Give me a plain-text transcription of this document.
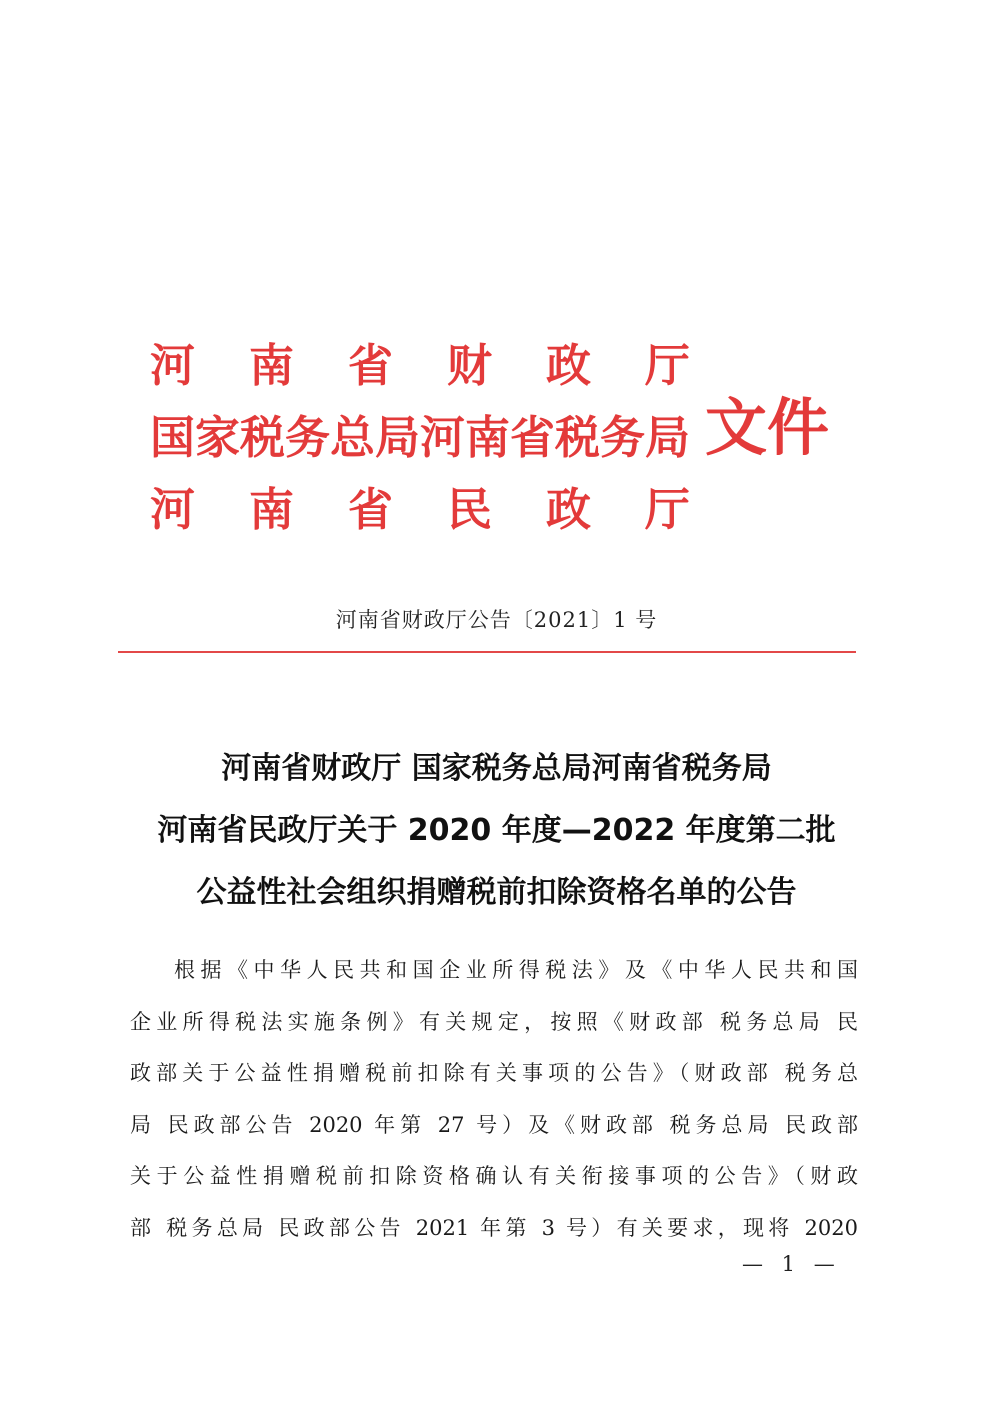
河 南 省 财 政 厅
国家税务总局河南省税务局
河 南 省 民 政 厅
文件
河南省财政厅公告〔2021〕1 号
河南省财政厅 国家税务总局河南省税务局
河南省民政厅关于 2020 年度—2022 年度第二批
公益性社会组织捐赠税前扣除资格名单的公告
根据《中华人民共和国企业所得税法》及《中华人民共和国
企业所得税法实施条例》有关规定，按照《财政部 税务总局 民
政部关于公益性捐赠税前扣除有关事项的公告》（财政部 税务总
局 民政部公告 2020 年第 27 号）及《财政部 税务总局 民政部
关于公益性捐赠税前扣除资格确认有关衔接事项的公告》（财政
部 税务总局 民政部公告 2021 年第 3 号）有关要求，现将 2020
— 1 —
